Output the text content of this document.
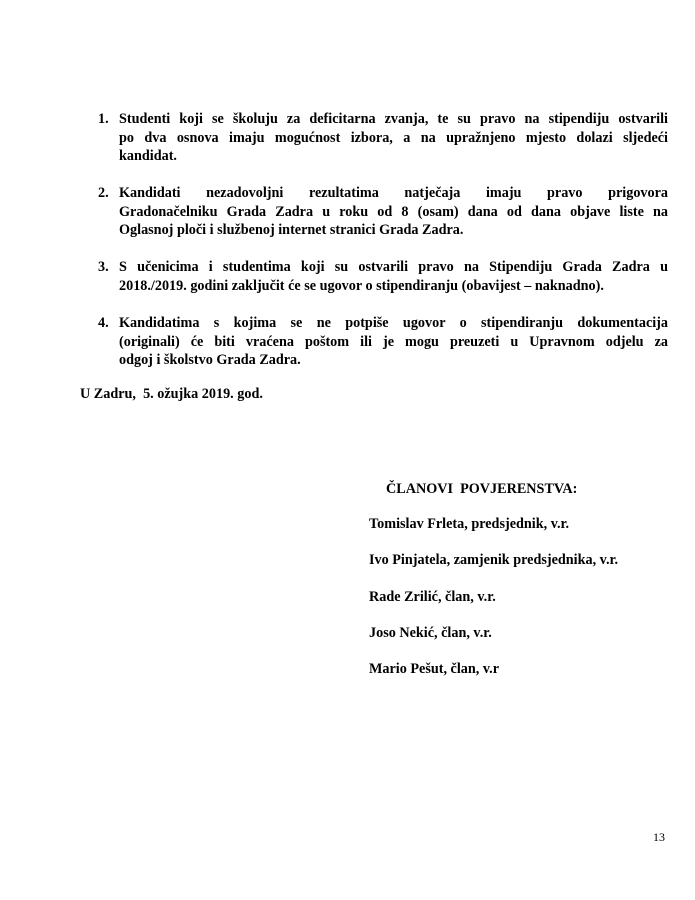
1. Studenti koji se školuju za deficitarna zvanja, te su pravo na stipendiju ostvarili
po dva osnova imaju mogućnost izbora, a na upražnjeno mjesto dolazi sljedeći
kandidat.
2. Kandidati nezadovoljni rezultatima natječaja imaju pravo prigovora
Gradonačelniku Grada Zadra u roku od 8 (osam) dana od dana objave liste na
Oglasnoj ploči i službenoj internet stranici Grada Zadra.
3. S učenicima i studentima koji su ostvarili pravo na Stipendiju Grada Zadra u
2018./2019. godini zaključit će se ugovor o stipendiranju (obavijest – naknadno).
4. Kandidatima s kojima se ne potpiše ugovor o stipendiranju dokumentacija
(originali) će biti vraćena poštom ili je mogu preuzeti u Upravnom odjelu za
odgoj i školstvo Grada Zadra.
U Zadru,  5. ožujka 2019. god.
ČLANOVI  POVJERENSTVA:
Tomislav Frleta, predsjednik, v.r.
Ivo Pinjatela, zamjenik predsjednika, v.r.
Rade Zrilić, član, v.r.
Joso Nekić, član, v.r.
Mario Pešut, član, v.r
13
